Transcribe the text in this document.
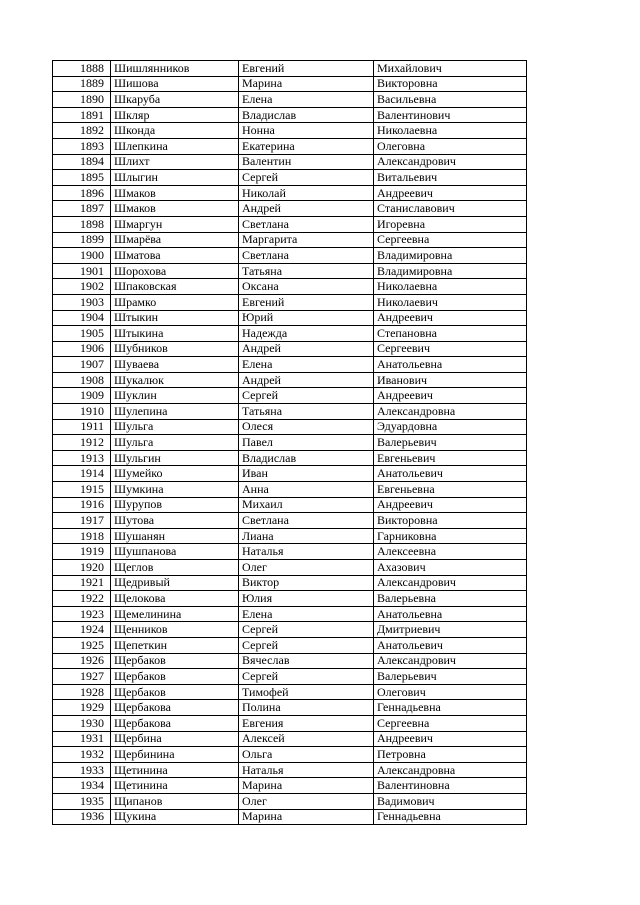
1888	Шишлянников	Евгений	Михайлович
1889	Шишова	Марина	Викторовна
1890	Шкаруба	Елена	Васильевна
1891	Шкляр	Владислав	Валентинович
1892	Шконда	Нонна	Николаевна
1893	Шлепкина	Екатерина	Олеговна
1894	Шлихт	Валентин	Александрович
1895	Шлыгин	Сергей	Витальевич
1896	Шмаков	Николай	Андреевич
1897	Шмаков	Андрей	Станиславович
1898	Шмаргун	Светлана	Игоревна
1899	Шмарёва	Маргарита	Сергеевна
1900	Шматова	Светлана	Владимировна
1901	Шорохова	Татьяна	Владимировна
1902	Шпаковская	Оксана	Николаевна
1903	Шрамко	Евгений	Николаевич
1904	Штыкин	Юрий	Андреевич
1905	Штыкина	Надежда	Степановна
1906	Шубников	Андрей	Сергеевич
1907	Шуваева	Елена	Анатольевна
1908	Шукалюк	Андрей	Иванович
1909	Шуклин	Сергей	Андреевич
1910	Шулепина	Татьяна	Александровна
1911	Шульга	Олеся	Эдуардовна
1912	Шульга	Павел	Валерьевич
1913	Шульгин	Владислав	Евгеньевич
1914	Шумейко	Иван	Анатольевич
1915	Шумкина	Анна	Евгеньевна
1916	Шурупов	Михаил	Андреевич
1917	Шутова	Светлана	Викторовна
1918	Шушанян	Лиана	Гарниковна
1919	Шушпанова	Наталья	Алексеевна
1920	Щеглов	Олег	Ахазович
1921	Щедривый	Виктор	Александрович
1922	Щелокова	Юлия	Валерьевна
1923	Щемелинина	Елена	Анатольевна
1924	Щенников	Сергей	Дмитриевич
1925	Щепеткин	Сергей	Анатольевич
1926	Щербаков	Вячеслав	Александрович
1927	Щербаков	Сергей	Валерьевич
1928	Щербаков	Тимофей	Олегович
1929	Щербакова	Полина	Геннадьевна
1930	Щербакова	Евгения	Сергеевна
1931	Щербина	Алексей	Андреевич
1932	Щербинина	Ольга	Петровна
1933	Щетинина	Наталья	Александровна
1934	Щетинина	Марина	Валентиновна
1935	Щипанов	Олег	Вадимович
1936	Щукина	Марина	Геннадьевна
